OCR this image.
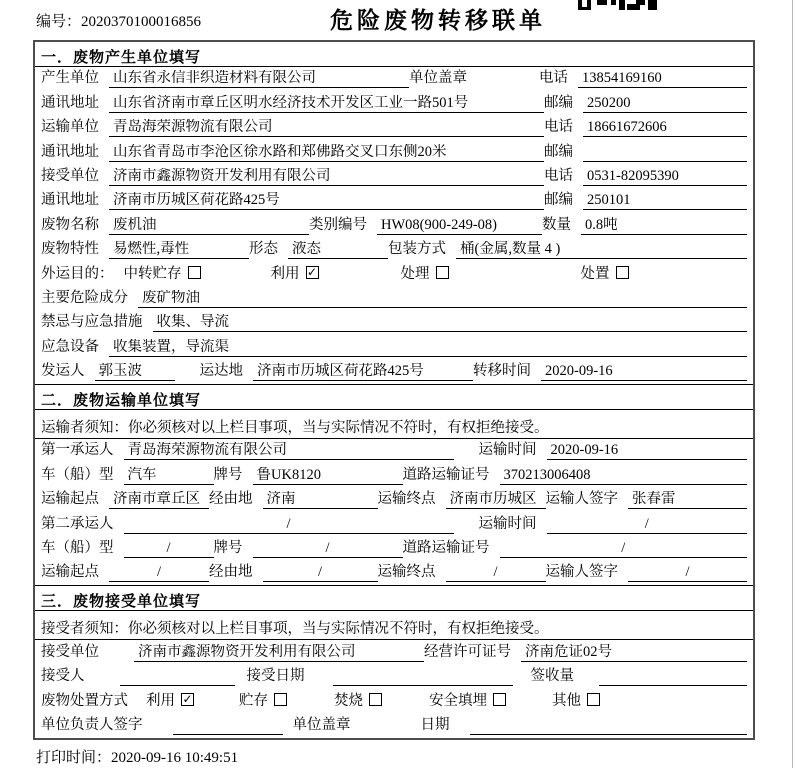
编号：2020370100016856	危险废物转移联单
一．废物产生单位填写
产生单位 山东省永信非织造材料有限公司	单位盖章	电话 13854169160
通讯地址 山东省济南市章丘区明水经济技术开发区工业一路501号	邮编 250200
运输单位 青岛海荣源物流有限公司	电话 18661672606
通讯地址 山东省青岛市李沧区徐水路和郑佛路交叉口东侧20米	邮编
接受单位 济南市鑫源物资开发利用有限公司	电话 0531-82095390
通讯地址 济南市历城区荷花路425号	邮编 250101
废物名称 废机油	类别编号 HW08(900-249-08)	数量 0.8吨
废物特性 易燃性,毒性	形态 液态	包装方式 桶(金属,数量 4 )
外运目的： 中转贮存	利用 ✓	处理	处置
主要危险成分 废矿物油
禁忌与应急措施 收集、导流
应急设备 收集装置，导流渠
发运人 郭玉波	运达地 济南市历城区荷花路425号	转移时间 2020-09-16
二．废物运输单位填写
运输者须知：你必须核对以上栏目事项，当与实际情况不符时，有权拒绝接受。
第一承运人 青岛海荣源物流有限公司	运输时间 2020-09-16
车（船）型 汽车	牌号 鲁UK8120	道路运输证号 370213006408
运输起点 济南市章丘区 经由地 济南	运输终点 济南市历城区 运输人签字 张春雷
第二承运人	/	运输时间	/
车（船）型	/	牌号	/	道路运输证号	/
运输起点	/	经由地	/	运输终点	/	运输人签字	/
三．废物接受单位填写
接受者须知：你必须核对以上栏目事项，当与实际情况不符时，有权拒绝接受。
接受单位	济南市鑫源物资开发利用有限公司	经营许可证号 济南危证02号
接受人	接受日期	签收量
废物处置方式 利用 ✓	贮存	焚烧	安全填埋	其他
单位负责人签字	单位盖章	日期
打印时间：2020-09-16 10:49:51
